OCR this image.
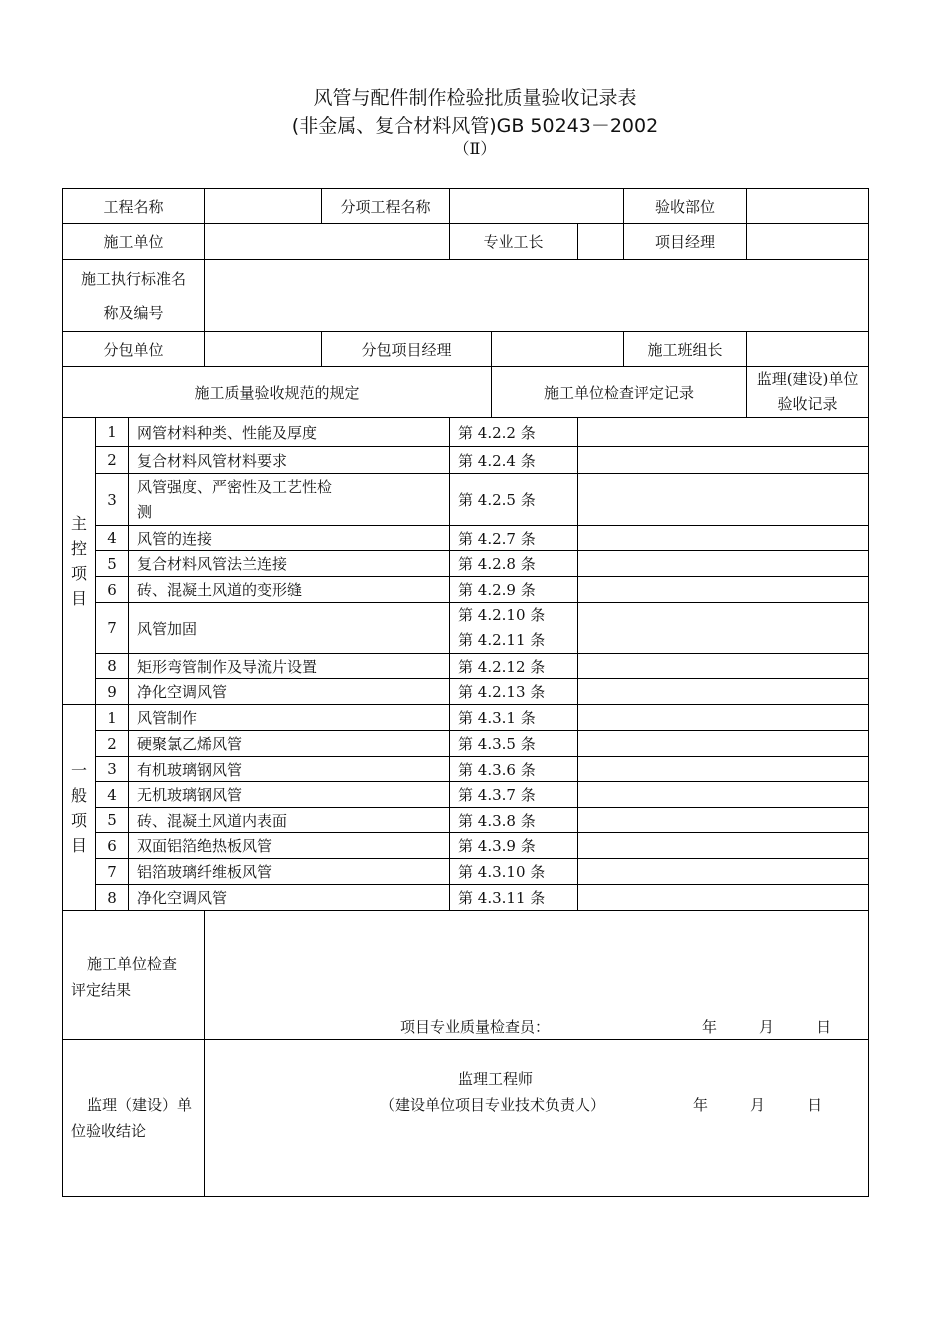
风管与配件制作检验批质量验收记录表
(非金属、复合材料风管)GB 50243－2002
（Ⅱ）
工程名称				分项工程名称				验收部位		
施工单位					专业工长			项目经理		

施工执行标准名
称及编号										

分包单位				分包项目经理				施工班组长		
施工质量验收规范的规定						施工单位检查评定记录			监理(建设)单位
验收记录	

主
控
项
目	1	网管材料种类、性能及厚度			第 4.2.2 条					
	2	复合材料风管材料要求			第 4.2.4 条					
	3	风管强度、严密性及工艺性检
测			第 4.2.5 条					
	4	风管的连接			第 4.2.7 条					
	5	复合材料风管法兰连接			第 4.2.8 条					
	6	砖、混凝土风道的变形缝			第 4.2.9 条					
	7	风管加固			第 4.2.10 条
第 4.2.11 条					
	8	矩形弯管制作及导流片设置			第 4.2.12 条					
	9	净化空调风管			第 4.2.13 条					

一
般
项
目	1	风管制作			第 4.3.1 条					
	2	硬聚氯乙烯风管			第 4.3.5 条					
	3	有机玻璃钢风管			第 4.3.6 条					
	4	无机玻璃钢风管			第 4.3.7 条					
	5	砖、混凝土风道内表面			第 4.3.8 条					
	6	双面铝箔绝热板风管			第 4.3.9 条					
	7	铝箔玻璃纤维板风管			第 4.3.10 条					
	8	净化空调风管			第 4.3.11 条					

施工单位检查
评定结果			项目专业质量检查员： 年 月 日							

监理（建设）单
位验收结论			监理工程师
（建设单位项目专业技术负责人） 年 月 日							
